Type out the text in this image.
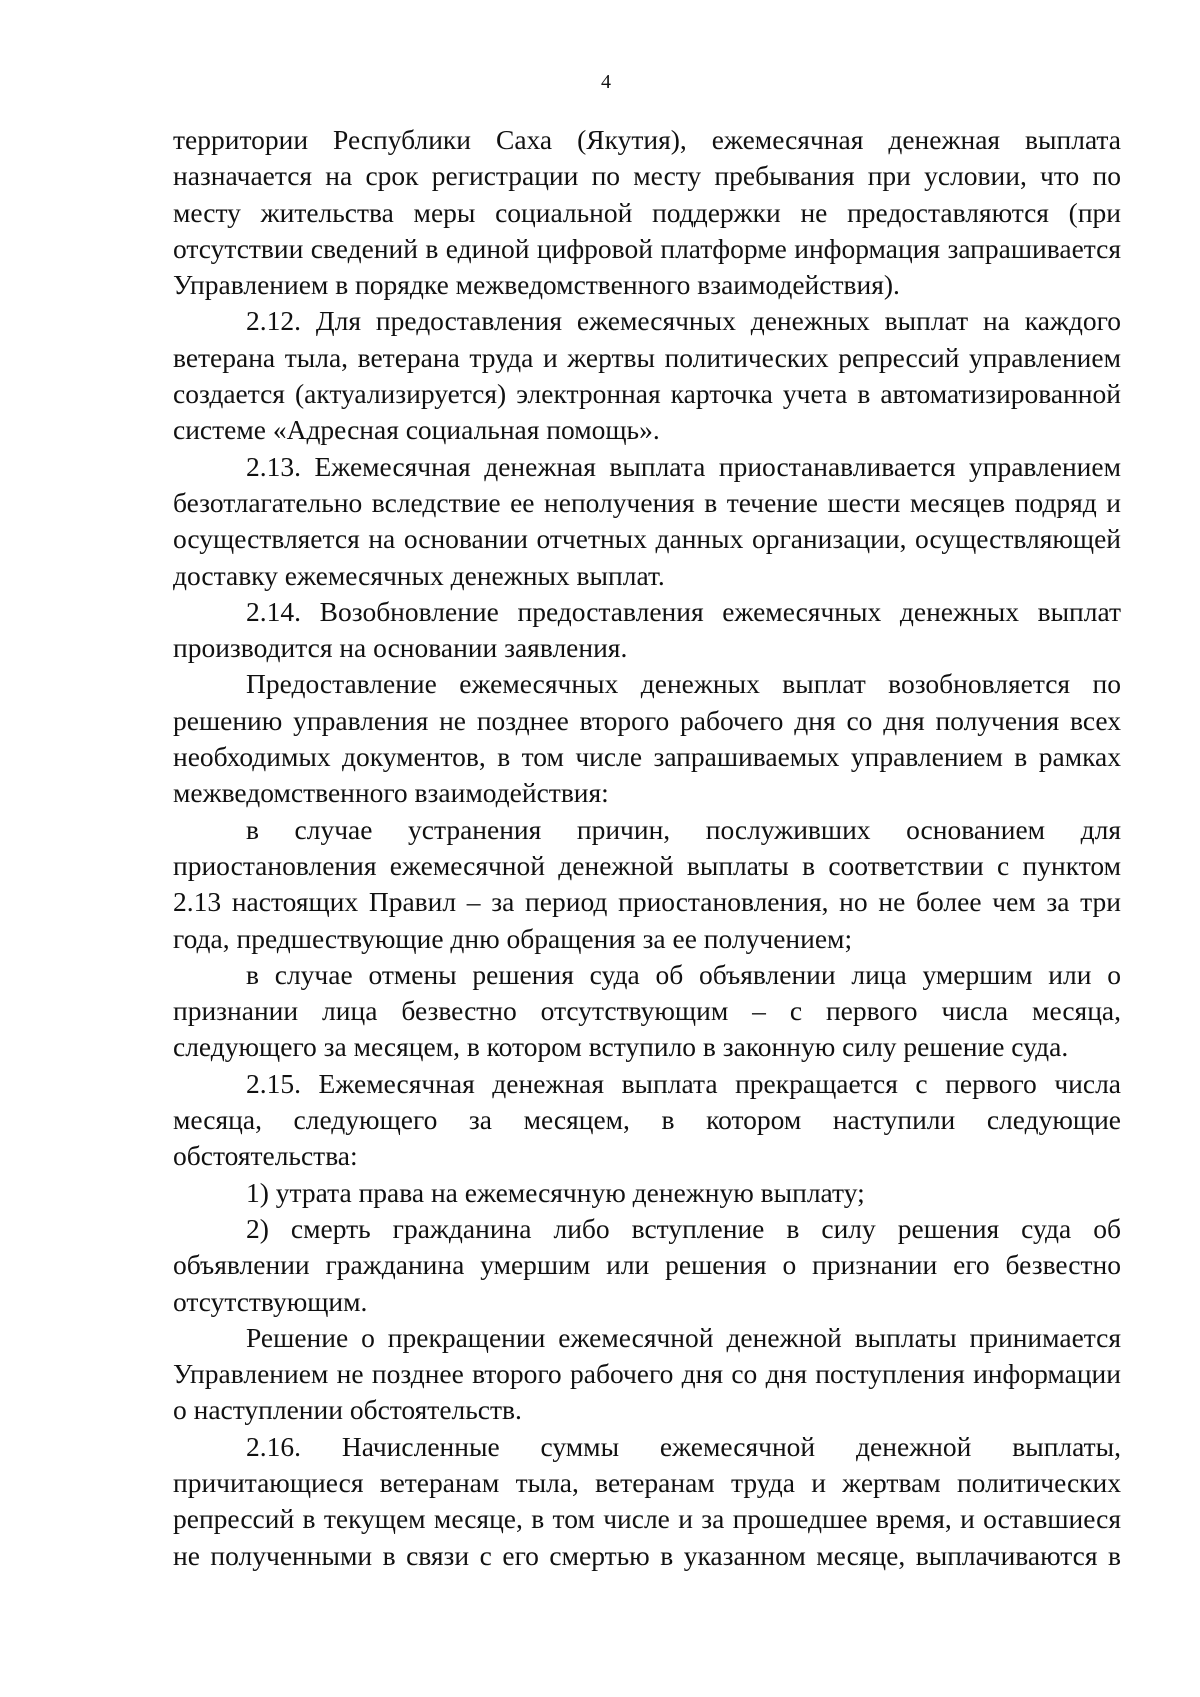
4

территории Республики Саха (Якутия), ежемесячная денежная выплата назначается на срок регистрации по месту пребывания при условии, что по месту жительства меры социальной поддержки не предоставляются (при отсутствии сведений в единой цифровой платформе информация запрашивается Управлением в порядке межведомственного взаимодействия).

2.12. Для предоставления ежемесячных денежных выплат на каждого ветерана тыла, ветерана труда и жертвы политических репрессий управлением создается (актуализируется) электронная карточка учета в автоматизированной системе «Адресная социальная помощь».

2.13. Ежемесячная денежная выплата приостанавливается управлением безотлагательно вследствие ее неполучения в течение шести месяцев подряд и осуществляется на основании отчетных данных организации, осуществляющей доставку ежемесячных денежных выплат.

2.14. Возобновление предоставления ежемесячных денежных выплат производится на основании заявления.

Предоставление ежемесячных денежных выплат возобновляется по решению управления не позднее второго рабочего дня со дня получения всех необходимых документов, в том числе запрашиваемых управлением в рамках межведомственного взаимодействия:

в случае устранения причин, послуживших основанием для приостановления ежемесячной денежной выплаты в соответствии с пунктом 2.13 настоящих Правил – за период приостановления, но не более чем за три года, предшествующие дню обращения за ее получением;

в случае отмены решения суда об объявлении лица умершим или о признании лица безвестно отсутствующим – с первого числа месяца, следующего за месяцем, в котором вступило в законную силу решение суда.

2.15. Ежемесячная денежная выплата прекращается с первого числа месяца, следующего за месяцем, в котором наступили следующие обстоятельства:

1) утрата права на ежемесячную денежную выплату;

2) смерть гражданина либо вступление в силу решения суда об объявлении гражданина умершим или решения о признании его безвестно отсутствующим.

Решение о прекращении ежемесячной денежной выплаты принимается Управлением не позднее второго рабочего дня со дня поступления информации о наступлении обстоятельств.

2.16. Начисленные суммы ежемесячной денежной выплаты, причитающиеся ветеранам тыла, ветеранам труда и жертвам политических репрессий в текущем месяце, в том числе и за прошедшее время, и оставшиеся не полученными в связи с его смертью в указанном месяце, выплачиваются в
